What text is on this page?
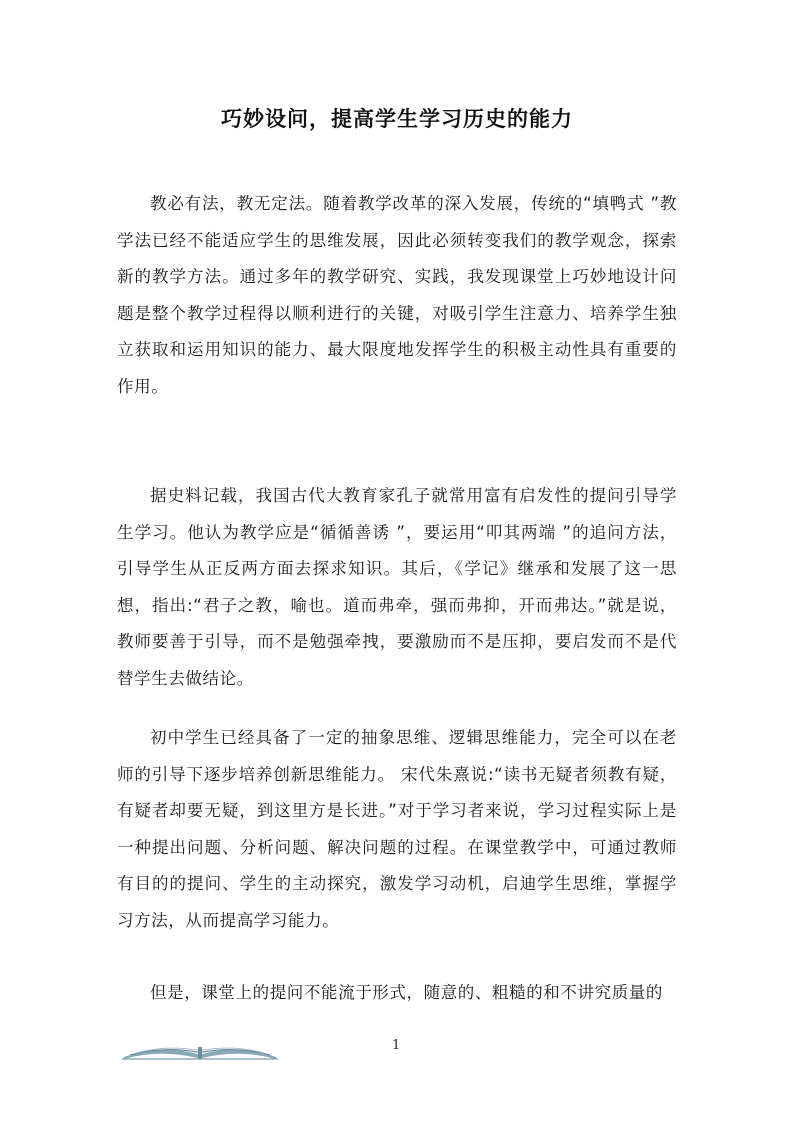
巧妙设问，提高学生学习历史的能力

教必有法，教无定法。随着教学改革的深入发展，传统的“填鸭式 ”教学法已经不能适应学生的思维发展，因此必须转变我们的教学观念，探索新的教学方法。通过多年的教学研究、实践，我发现课堂上巧妙地设计问题是整个教学过程得以顺利进行的关键，对吸引学生注意力、培养学生独立获取和运用知识的能力、最大限度地发挥学生的积极主动性具有重要的作用。

据史料记载，我国古代大教育家孔子就常用富有启发性的提问引导学生学习。他认为教学应是“循循善诱 ”，要运用“叩其两端 ”的追问方法，引导学生从正反两方面去探求知识。其后，《学记》继承和发展了这一思想，指出:“君子之教，喻也。道而弗牵，强而弗抑，开而弗达。”就是说，教师要善于引导，而不是勉强牵拽，要激励而不是压抑，要启发而不是代替学生去做结论。

初中学生已经具备了一定的抽象思维、逻辑思维能力，完全可以在老师的引导下逐步培养创新思维能力。 宋代朱熹说:“读书无疑者须教有疑，有疑者却要无疑，到这里方是长进。”对于学习者来说，学习过程实际上是一种提出问题、分析问题、解决问题的过程。在课堂教学中，可通过教师有目的的提问、学生的主动探究，激发学习动机，启迪学生思维，掌握学习方法，从而提高学习能力。

但是，课堂上的提问不能流于形式，随意的、粗糙的和不讲究质量的

1
